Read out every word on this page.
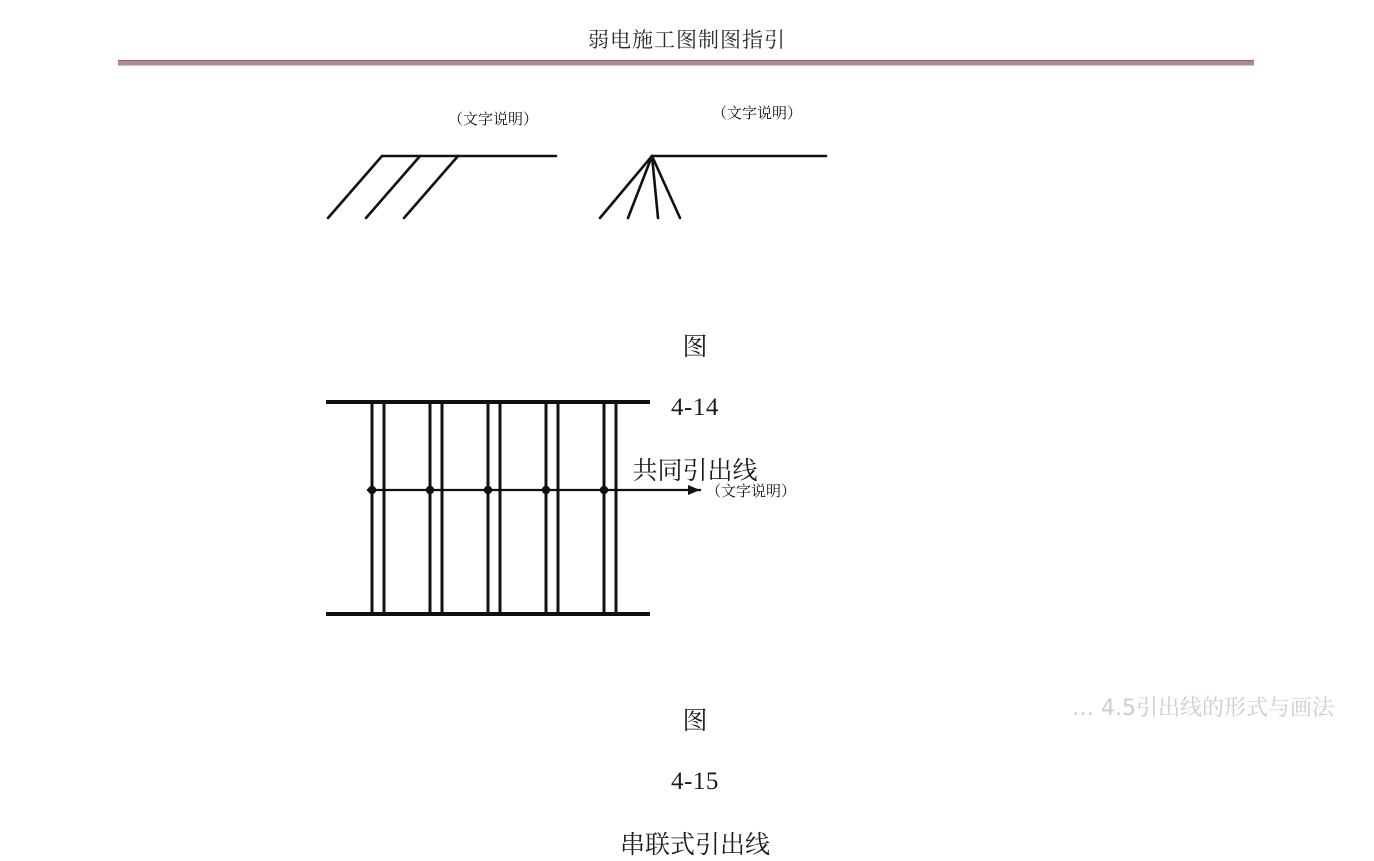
弱电施工图制图指引
（文字说明）	（文字说明）

图

4-14

共同引出线

（文字说明）

图

4-15

串联式引出线

… 4.5引出线的形式与画法
